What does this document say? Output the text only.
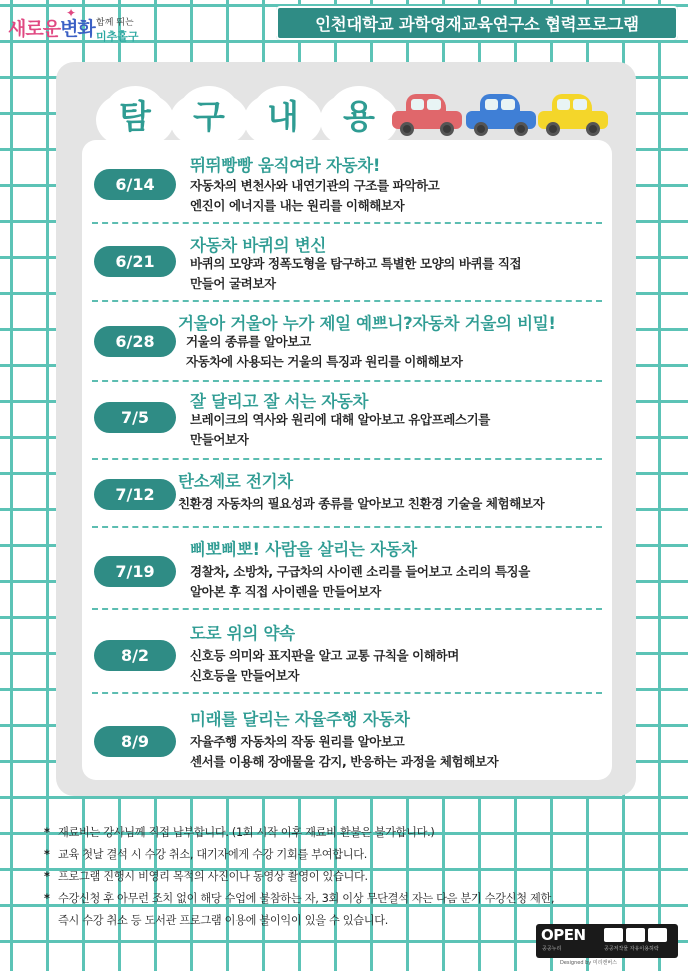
✦
새로운변화 함께 뛰는
미추홀구
인천대학교 과학영재교육연구소 협력프로그램
탐	구	내	용
6/14
뛰뛰빵빵 움직여라 자동차!
자동차의 변천사와 내연기관의 구조를 파악하고
엔진이 에너지를 내는 원리를 이해해보자
6/21
자동차 바퀴의 변신
바퀴의 모양과 정폭도형을 탐구하고 특별한 모양의 바퀴를 직접
만들어 굴려보자
6/28
거울아 거울아 누가 제일 예쁘니?자동차 거울의 비밀!
거울의 종류를 알아보고
자동차에 사용되는 거울의 특징과 원리를 이해해보자
7/5
잘 달리고 잘 서는 자동차
브레이크의 역사와 원리에 대해 알아보고 유압프레스기를
만들어보자
7/12
탄소제로 전기차
친환경 자동차의 필요성과 종류를 알아보고 친환경 기술을 체험해보자
7/19
삐뽀삐뽀! 사람을 살리는 자동차
경찰차, 소방차, 구급차의 사이렌 소리를 들어보고 소리의 특징을
알아본 후 직접 사이렌을 만들어보자
8/2
도로 위의 약속
신호등 의미와 표지판을 알고 교통 규칙을 이해하며
신호등을 만들어보자
8/9
미래를 달리는 자율주행 자동차
자율주행 자동차의 작동 원리를 알아보고
센서를 이용해 장애물을 감지, 반응하는 과정을 체험해보자
* 재료비는 강사님께 직접 납부합니다. (1회 시작 이후 재료비 환불은 불가합니다.)
* 교육 첫날 결석 시 수강 취소, 대기자에게 수강 기회를 부여합니다.
* 프로그램 진행시 비영리 목적의 사진이나 동영상 촬영이 있습니다.
* 수강신청 후 아무런 조치 없이 해당 수업에 불참하는 자, 3회 이상 무단결석 자는 다음 분기 수강신청 제한,
즉시 수강 취소 등 도서관 프로그램 이용에 불이익이 있을 수 있습니다.
OPEN
공공누리	공공저작물 자유이용허락
Designed by 미리캔버스
